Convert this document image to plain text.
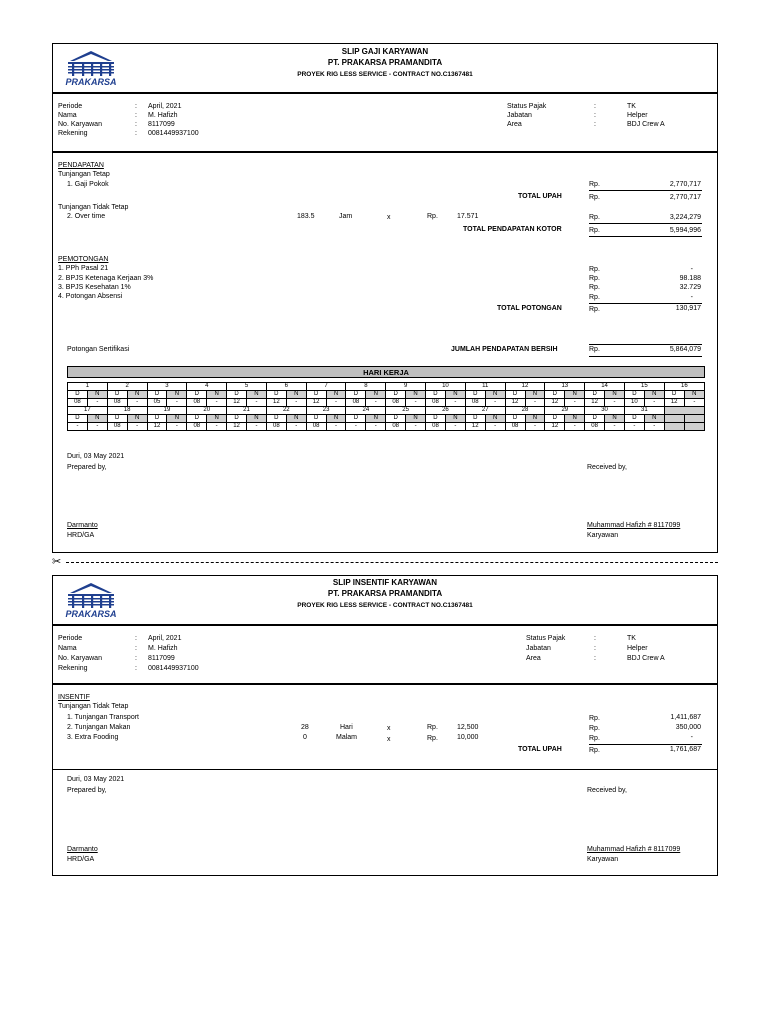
PRAKARSA
SLIP GAJI KARYAWAN
PT. PRAKARSA PRAMANDITA
PROYEK RIG LESS SERVICE - CONTRACT NO.C1367481
Periode	: April, 2021
Nama	: M. Hafizh
No. Karyawan	: 8117099
Rekening	: 0081449937100
Status Pajak	:	TK
Jabatan	:	Helper
Area	:	BDJ Crew A
PENDAPATAN
Tunjangan Tetap
1. Gaji Pokok	Rp.	2,770,717
TOTAL UPAH	Rp.	2,770,717
Tunjangan Tidak Tetap
2. Over time	183.5	Jam	x	Rp.	17.571	Rp.	3,224,279
TOTAL PENDAPATAN KOTOR	Rp.	5,994,996
PEMOTONGAN
1. PPh Pasal 21	Rp.	-
2. BPJS Ketenaga Kerjaan 3%	Rp.	98.188
3. BPJS Kesehatan 1%	Rp.	32.729
4. Potongan Absensi	Rp.	-
TOTAL POTONGAN	Rp.	130,917
Potongan Sertifikasi	JUMLAH PENDAPATAN BERSIH	Rp.	5,864,079
HARI KERJA
1		2		3		4		5		6		7		8		9		10		11		12		13		14		15		16	
D	N	D	N	D	N	D	N	D	N	D	N	D	N	D	N	D	N	D	N	D	N	D	N	D	N	D	N	D	N	D	N
08	-	08	-	05	-	08	-	12	-	12	-	12	-	08	-	08	-	08	-	08	-	12	-	12	-	12	-	10	-	12	-
17		18		19		20		21		22		23		24		25		26		27		28		29		30		31			
D	N	D	N	D	N	D	N	D	N	D	N	D	N	D	N	D	N	D	N	D	N	D	N	D	N	D	N	D	N		
-	-	08	-	12	-	08	-	12	-	08	-	08	-	-	-	08	-	08	-	12	-	08	-	12	-	08	-	-	-		
Duri, 03 May 2021
Prepared by,	Received by,
Darmanto
HRD/GA
Muhammad Hafizh # 8117099
Karyawan
✂
PRAKARSA
SLIP INSENTIF KARYAWAN
PT. PRAKARSA PRAMANDITA
PROYEK RIG LESS SERVICE - CONTRACT NO.C1367481
Periode	: April, 2021
Nama	: M. Hafizh
No. Karyawan	: 8117099
Rekening	: 0081449937100
Status Pajak	:	TK
Jabatan	:	Helper
Area	:	BDJ Crew A
INSENTIF
Tunjangan Tidak Tetap
1. Tunjangan Transport	Rp.	1,411,687
2. Tunjangan Makan	28	Hari	x	Rp.	12,500	Rp.	350,000
3. Extra Fooding	0	Malam	x	Rp.	10,000	Rp.	-
TOTAL UPAH	Rp.	1,761,687
Duri, 03 May 2021
Prepared by,	Received by,
Darmanto
HRD/GA
Muhammad Hafizh # 8117099
Karyawan
